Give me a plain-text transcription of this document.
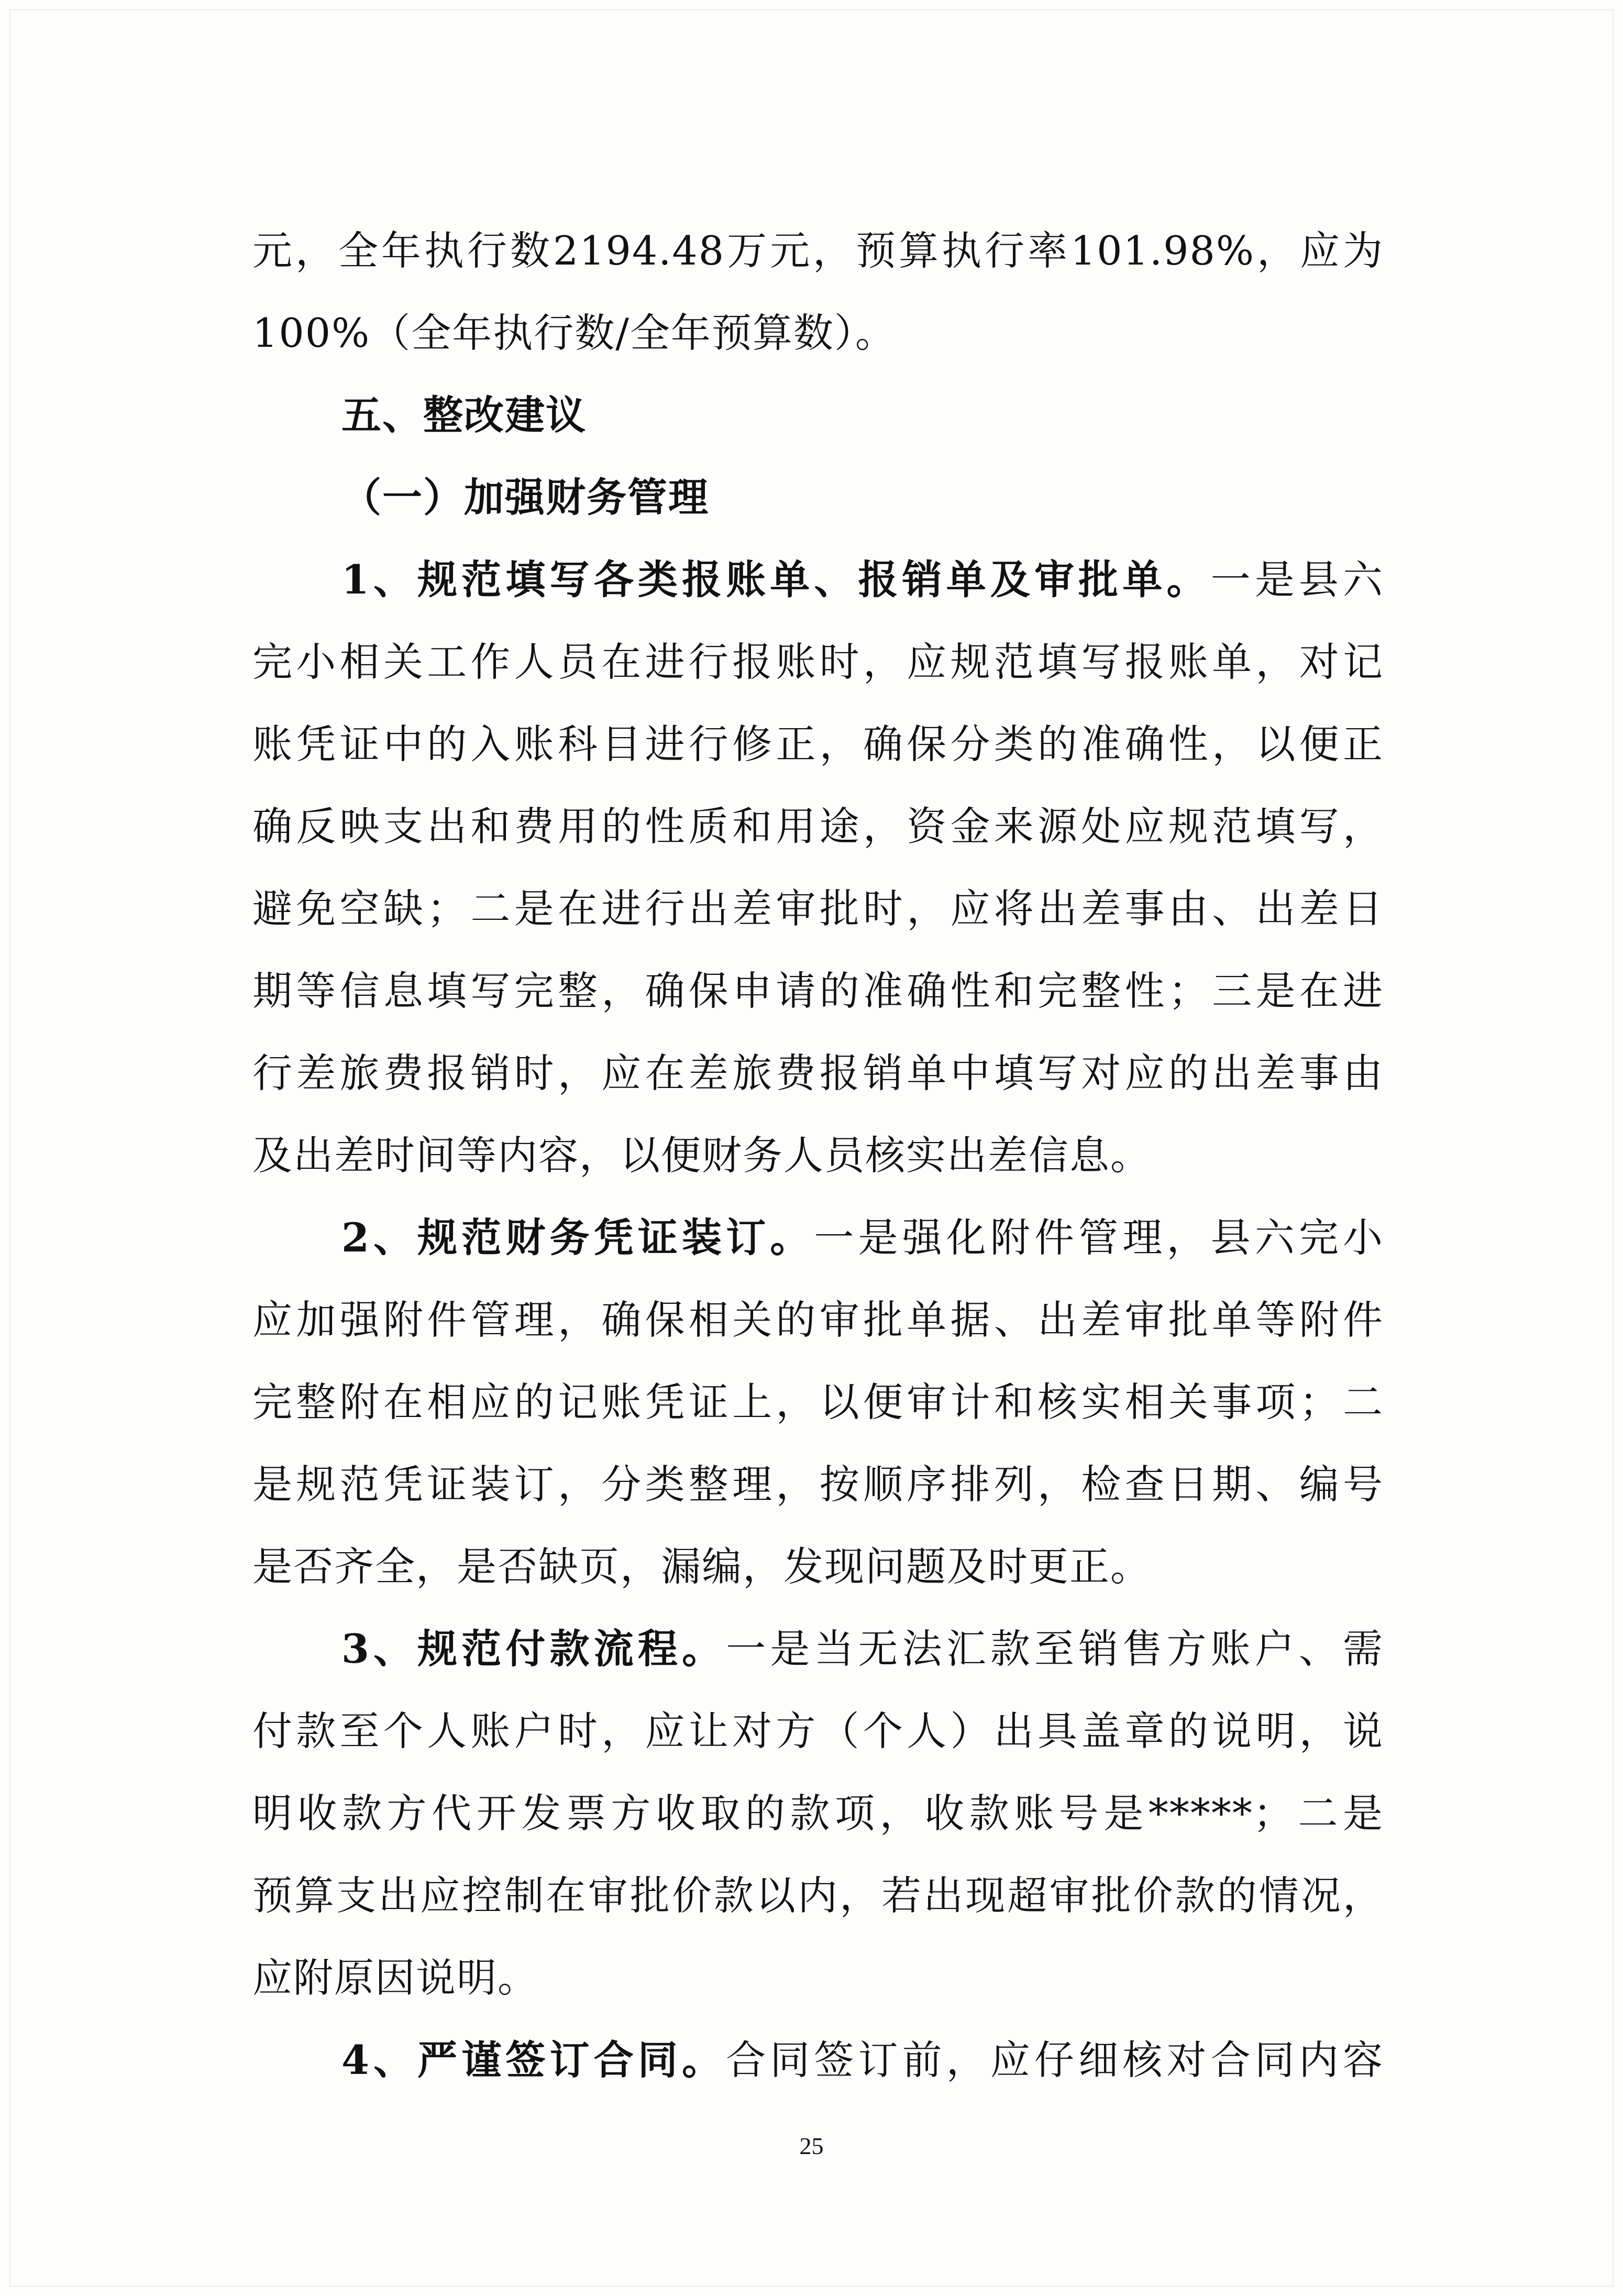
元，全年执行数2194.48万元，预算执行率101.98%，应为
100%（全年执行数/全年预算数）。
五、整改建议
（一）加强财务管理
1、规范填写各类报账单、报销单及审批单。一是县六
完小相关工作人员在进行报账时，应规范填写报账单，对记
账凭证中的入账科目进行修正，确保分类的准确性，以便正
确反映支出和费用的性质和用途，资金来源处应规范填写，
避免空缺；二是在进行出差审批时，应将出差事由、出差日
期等信息填写完整，确保申请的准确性和完整性；三是在进
行差旅费报销时，应在差旅费报销单中填写对应的出差事由
及出差时间等内容，以便财务人员核实出差信息。
2、规范财务凭证装订。一是强化附件管理，县六完小
应加强附件管理，确保相关的审批单据、出差审批单等附件
完整附在相应的记账凭证上，以便审计和核实相关事项；二
是规范凭证装订，分类整理，按顺序排列，检查日期、编号
是否齐全，是否缺页，漏编，发现问题及时更正。
3、规范付款流程。一是当无法汇款至销售方账户、需
付款至个人账户时，应让对方（个人）出具盖章的说明，说
明收款方代开发票方收取的款项，收款账号是*****；二是
预算支出应控制在审批价款以内，若出现超审批价款的情况，
应附原因说明。
4、严谨签订合同。合同签订前，应仔细核对合同内容
25
